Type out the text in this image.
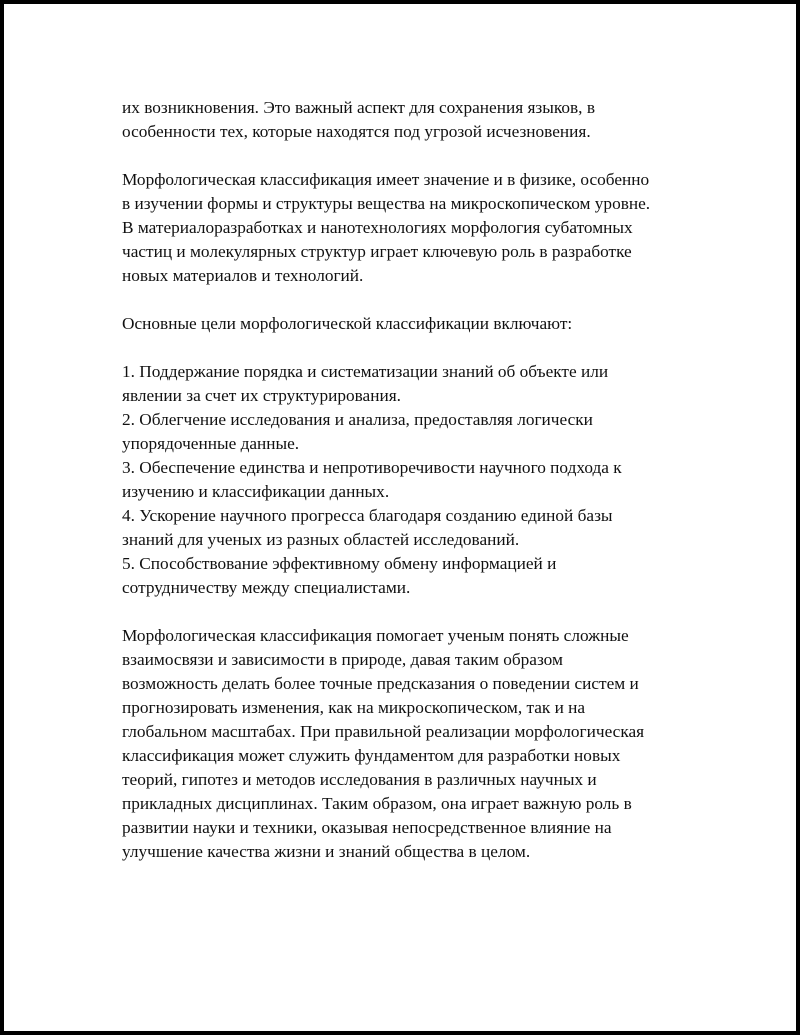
их возникновения. Это важный аспект для сохранения языков, в
особенности тех, которые находятся под угрозой исчезновения.

Морфологическая классификация имеет значение и в физике, особенно
в изучении формы и структуры вещества на микроскопическом уровне.
В материалоразработках и нанотехнологиях морфология субатомных
частиц и молекулярных структур играет ключевую роль в разработке
новых материалов и технологий.

Основные цели морфологической классификации включают:

1. Поддержание порядка и систематизации знаний об объекте или
явлении за счет их структурирования.
2. Облегчение исследования и анализа, предоставляя логически
упорядоченные данные.
3. Обеспечение единства и непротиворечивости научного подхода к
изучению и классификации данных.
4. Ускорение научного прогресса благодаря созданию единой базы
знаний для ученых из разных областей исследований.
5. Способствование эффективному обмену информацией и
сотрудничеству между специалистами.

Морфологическая классификация помогает ученым понять сложные
взаимосвязи и зависимости в природе, давая таким образом
возможность делать более точные предсказания о поведении систем и
прогнозировать изменения, как на микроскопическом, так и на
глобальном масштабах. При правильной реализации морфологическая
классификация может служить фундаментом для разработки новых
теорий, гипотез и методов исследования в различных научных и
прикладных дисциплинах. Таким образом, она играет важную роль в
развитии науки и техники, оказывая непосредственное влияние на
улучшение качества жизни и знаний общества в целом.
